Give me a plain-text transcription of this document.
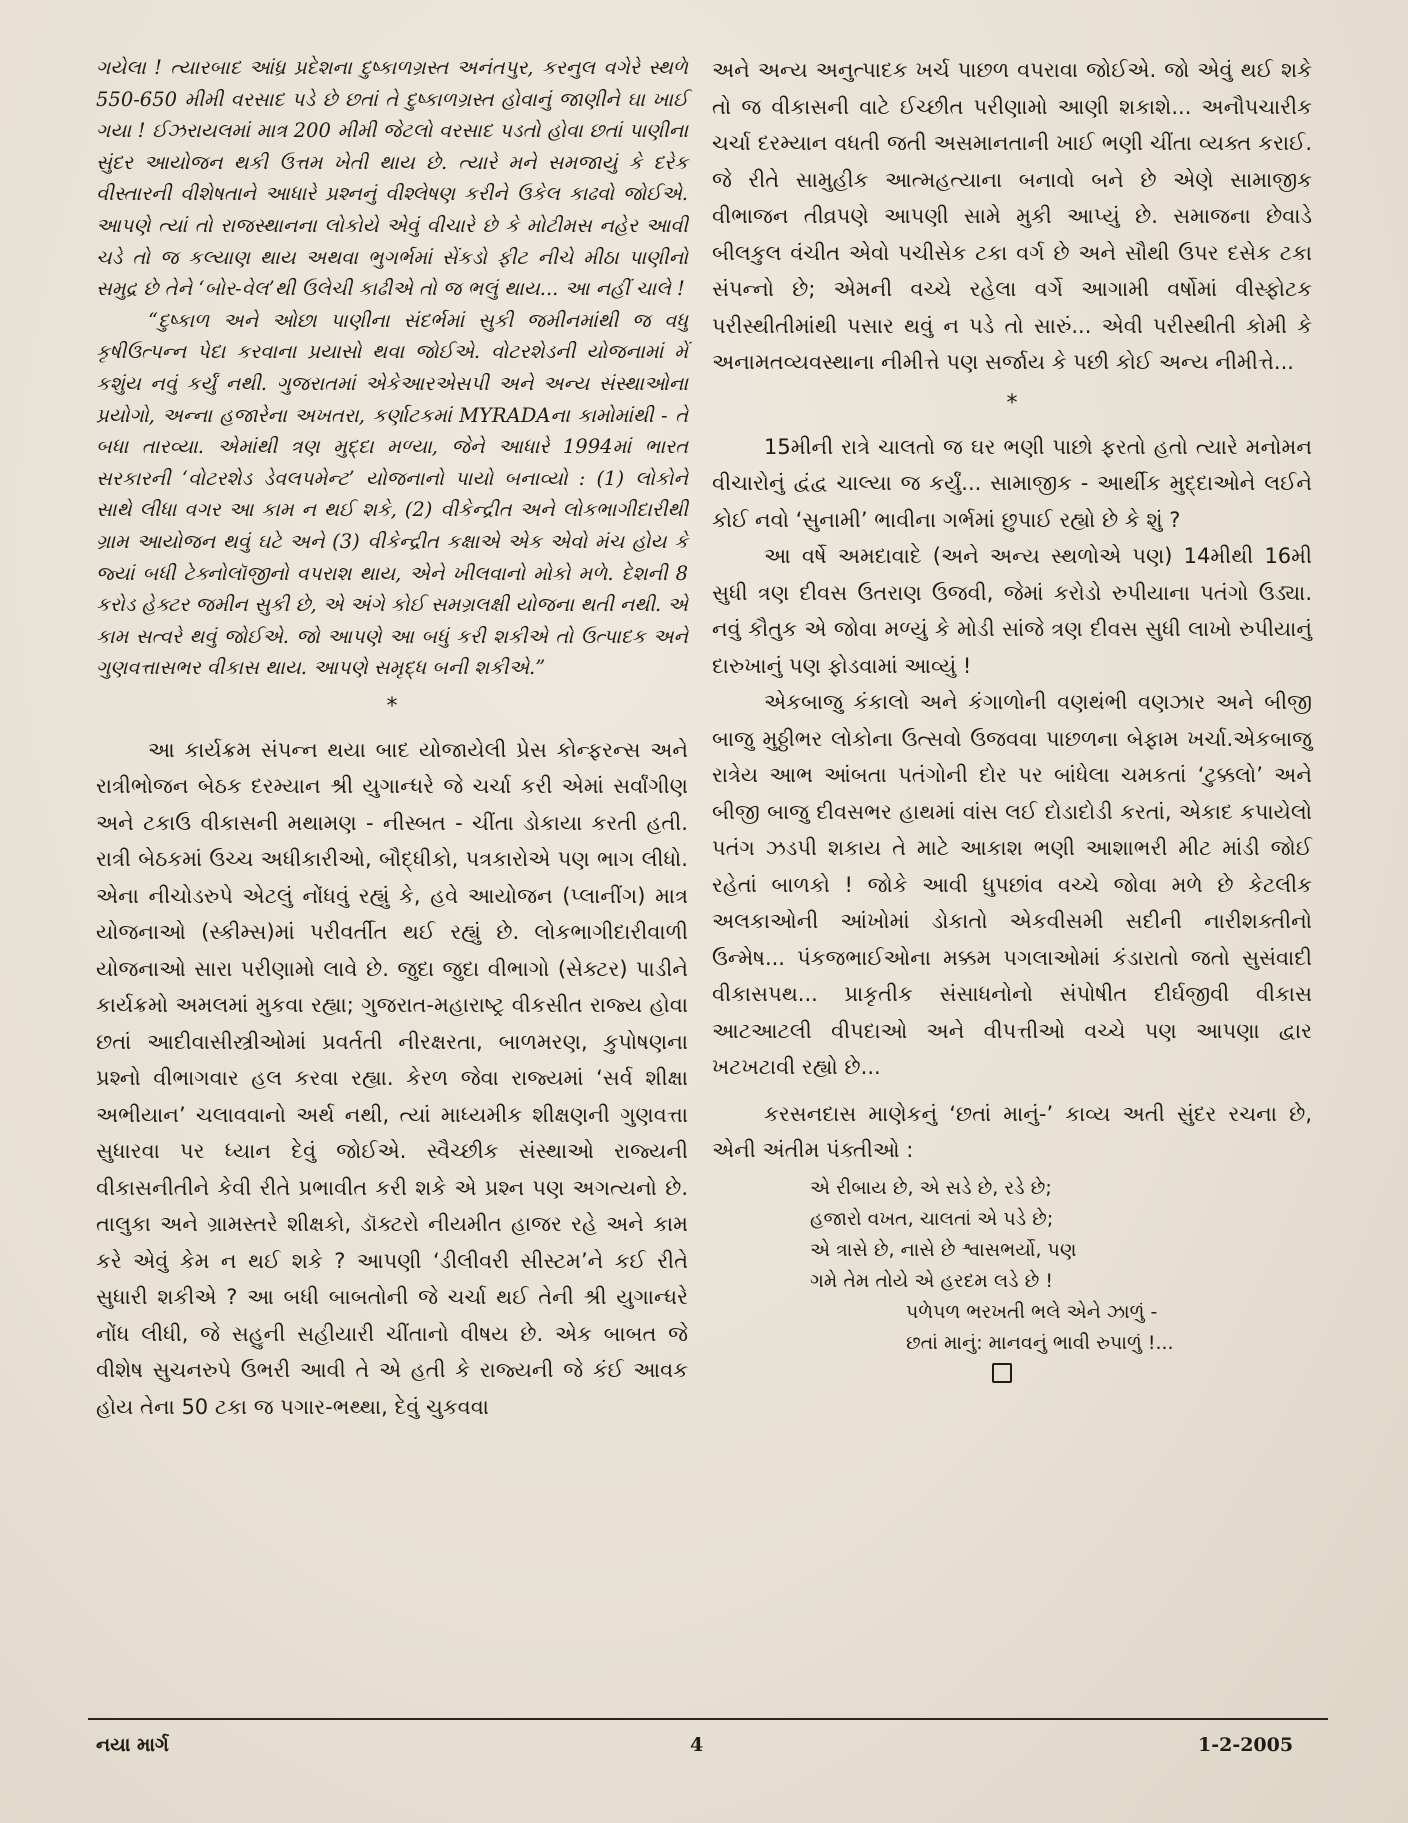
ગયેલા ! ત્યારબાદ આંધ્ર પ્રદેશના દુષ્કાળગ્રસ્ત અનંતપુર, કરનુલ વગેરે સ્થળે 550-650 મીમી વરસાદ પડે છે છતાં તે દુષ્કાળગ્રસ્ત હોવાનું જાણીને ઘા ખાઈ ગયા ! ઈઝરાયલમાં માત્ર 200 મીમી જેટલો વરસાદ પડતો હોવા છતાં પાણીના સુંદર આયોજન થકી ઉત્તમ ખેતી થાય છે. ત્યારે મને સમજાયું કે દરેક વીસ્તારની વીશેષતાને આધારે પ્રશ્નનું વીશ્લેષણ કરીને ઉકેલ કાઢવો જોઈએ. આપણે ત્યાં તો રાજસ્થાનના લોકોયે એવું વીચારે છે કે મોટીમસ નહેર આવી ચડે તો જ કલ્યાણ થાય અથવા ભુગર્ભમાં સેંકડો ફીટ નીચે મીઠા પાણીનો સમુદ્ર છે તેને ‘બોર-વેલ’થી ઉલેચી કાઢીએ તો જ ભલું થાય... આ નહીં ચાલે !

“દુષ્કાળ અને ઓછા પાણીના સંદર્ભમાં સુકી જમીનમાંથી જ વધુ કૃષીઉત્પન્ન પેદા કરવાના પ્રયાસો થવા જોઈએ. વોટરશેડની યોજનામાં મેં કશુંય નવું કર્યું નથી. ગુજરાતમાં એકેઆરએસપી અને અન્ય સંસ્થાઓના પ્રયોગો, અન્ના હજારેના અખતરા, કર્ણાટકમાં MYRADAના કામોમાંથી - તે બધા તારવ્યા. એમાંથી ત્રણ મુદ્દા મળ્યા, જેને આધારે 1994માં ભારત સરકારની ‘વોટરશેડ ડેવલપમેન્ટ’ યોજનાનો પાયો બનાવ્યો : (1) લોકોને સાથે લીધા વગર આ કામ ન થઈ શકે, (2) વીકેન્દ્રીત અને લોકભાગીદારીથી ગ્રામ આયોજન થવું ઘટે અને (3) વીકેન્દ્રીત કક્ષાએ એક એવો મંચ હોય કે જ્યાં બધી ટેક્નોલૉજીનો વપરાશ થાય, એને ખીલવાનો મોકો મળે. દેશની 8 કરોડ હેક્ટર જમીન સુકી છે, એ અંગે કોઈ સમગ્રલક્ષી યોજના થતી નથી. એ કામ સત્વરે થવું જોઈએ. જો આપણે આ બધું કરી શકીએ તો ઉત્પાદક અને ગુણવત્તાસભર વીકાસ થાય. આપણે સમૃદ્ધ બની શકીએ.”

*

આ કાર્યક્રમ સંપન્ન થયા બાદ યોજાયેલી પ્રેસ કોન્ફરન્સ અને રાત્રીભોજન બેઠક દરમ્યાન શ્રી યુગાન્ધરે જે ચર્ચા કરી એમાં સર્વાંગીણ અને ટકાઉ વીકાસની મથામણ - નીસ્બત - ચીંતા ડોકાયા કરતી હતી. રાત્રી બેઠકમાં ઉચ્ચ અધીકારીઓ, બૌદ્ધીકો, પત્રકારોએ પણ ભાગ લીધો. એના નીચોડરુપે એટલું નોંધવું રહ્યું કે, હવે આયોજન (પ્લાનીંગ) માત્ર યોજનાઓ (સ્કીમ્સ)માં પરીવર્તીત થઈ રહ્યું છે. લોકભાગીદારીવાળી યોજનાઓ સારા પરીણામો લાવે છે. જુદા જુદા વીભાગો (સેક્ટર) પાડીને કાર્યક્રમો અમલમાં મુકવા રહ્યા; ગુજરાત-મહારાષ્ટ્ર વીકસીત રાજ્ય હોવા છતાં આદીવાસીસ્ત્રીઓમાં પ્રવર્તતી નીરક્ષરતા, બાળમરણ, કુપોષણના પ્રશ્નો વીભાગવાર હલ કરવા રહ્યા. કેરળ જેવા રાજ્યમાં ‘સર્વ શીક્ષા અભીયાન’ ચલાવવાનો અર્થ નથી, ત્યાં માધ્યમીક શીક્ષણની ગુણવત્તા સુધારવા પર ધ્યાન દેવું જોઈએ. સ્વૈચ્છીક સંસ્થાઓ રાજ્યની વીકાસનીતીને કેવી રીતે પ્રભાવીત કરી શકે એ પ્રશ્ન પણ અગત્યનો છે. તાલુકા અને ગ્રામસ્તરે શીક્ષકો, ડૉક્ટરો નીયમીત હાજર રહે અને કામ કરે એવું કેમ ન થઈ શકે ? આપણી ‘ડીલીવરી સીસ્ટમ’ને કઈ રીતે સુધારી શકીએ ? આ બધી બાબતોની જે ચર્ચા થઈ તેની શ્રી યુગાન્ધરે નોંધ લીધી, જે સહુની સહીયારી ચીંતાનો વીષય છે. એક બાબત જે વીશેષ સુચનરુપે ઉભરી આવી તે એ હતી કે રાજ્યની જે કંઈ આવક હોય તેના 50 ટકા જ પગાર-ભથ્થા, દેવું ચુકવવા

અને અન્ય અનુત્પાદક ખર્ચ પાછળ વપરાવા જોઈએ. જો એવું થઈ શકે તો જ વીકાસની વાટે ઈચ્છીત પરીણામો આણી શકાશે... અનૌપચારીક ચર્ચા દરમ્યાન વધતી જતી અસમાનતાની ખાઈ ભણી ચીંતા વ્યક્ત કરાઈ. જે રીતે સામુહીક આત્મહત્યાના બનાવો બને છે એણે સામાજીક વીભાજન તીવ્રપણે આપણી સામે મુકી આપ્યું છે. સમાજના છેવાડે બીલકુલ વંચીત એવો પચીસેક ટકા વર્ગ છે અને સૌથી ઉપર દસેક ટકા સંપન્નો છે; એમની વચ્ચે રહેલા વર્ગે આગામી વર્ષોમાં વીસ્ફોટક પરીસ્થીતીમાંથી પસાર થવું ન પડે તો સારું... એવી પરીસ્થીતી કોમી કે અનામતવ્યવસ્થાના નીમીત્તે પણ સર્જાય કે પછી કોઈ અન્ય નીમીત્તે...

*

15મીની રાત્રે ચાલતો જ ઘર ભણી પાછો ફરતો હતો ત્યારે મનોમન વીચારોનું દ્વંદ્વ ચાલ્યા જ કર્યું... સામાજીક - આર્થીક મુદ્દાઓને લઈને કોઈ નવો ‘સુનામી’ ભાવીના ગર્ભમાં છુપાઈ રહ્યો છે કે શું ?

આ વર્ષે અમદાવાદે (અને અન્ય સ્થળોએ પણ) 14મીથી 16મી સુધી ત્રણ દીવસ ઉતરાણ ઉજવી, જેમાં કરોડો રુપીયાના પતંગો ઉડ્યા. નવું કૌતુક એ જોવા મળ્યું કે મોડી સાંજે ત્રણ દીવસ સુધી લાખો રુપીયાનું દારુખાનું પણ ફોડવામાં આવ્યું !

એકબાજુ કંકાલો અને કંગાળોની વણથંભી વણઝાર અને બીજી બાજુ મુઠ્ઠીભર લોકોના ઉત્સવો ઉજવવા પાછળના બેફામ ખર્ચા.એકબાજુ રાત્રેય આભ આંબતા પતંગોની દોર પર બાંધેલા ચમકતાં ‘ટુક્કલો’ અને બીજી બાજુ દીવસભર હાથમાં વાંસ લઈ દોડાદોડી કરતાં, એકાદ કપાયેલો પતંગ ઝડપી શકાય તે માટે આકાશ ભણી આશાભરી મીટ માંડી જોઈ રહેતાં બાળકો ! જોકે આવી ધુપછાંવ વચ્ચે જોવા મળે છે કેટલીક અલકાઓની આંખોમાં ડોકાતો એકવીસમી સદીની નારીશક્તીનો ઉન્મેષ... પંકજભાઈઓના મક્કમ પગલાઓમાં કંડારાતો જતો સુસંવાદી વીકાસપથ... પ્રાકૃતીક સંસાધનોનો સંપોષીત દીર્ઘજીવી વીકાસ આટઆટલી વીપદાઓ અને વીપત્તીઓ વચ્ચે પણ આપણા દ્વાર ખટખટાવી રહ્યો છે...

કરસનદાસ માણેકનું ‘છતાં માનું-’ કાવ્ય અતી સુંદર રચના છે, એની અંતીમ પંક્તીઓ :

એ રીબાય છે, એ સડે છે, રડે છે;
હજારો વખત, ચાલતાં એ પડે છે;
એ ત્રાસે છે, નાસે છે શ્વાસભર્યો, પણ
ગમે તેમ તોયે એ હરદમ લડે છે !
પળેપળ ભરખતી ભલે એને ઝાળું -
છતાં માનું: માનવનું ભાવી રુપાળું !...
નયા માર્ગ	4	1-2-2005
